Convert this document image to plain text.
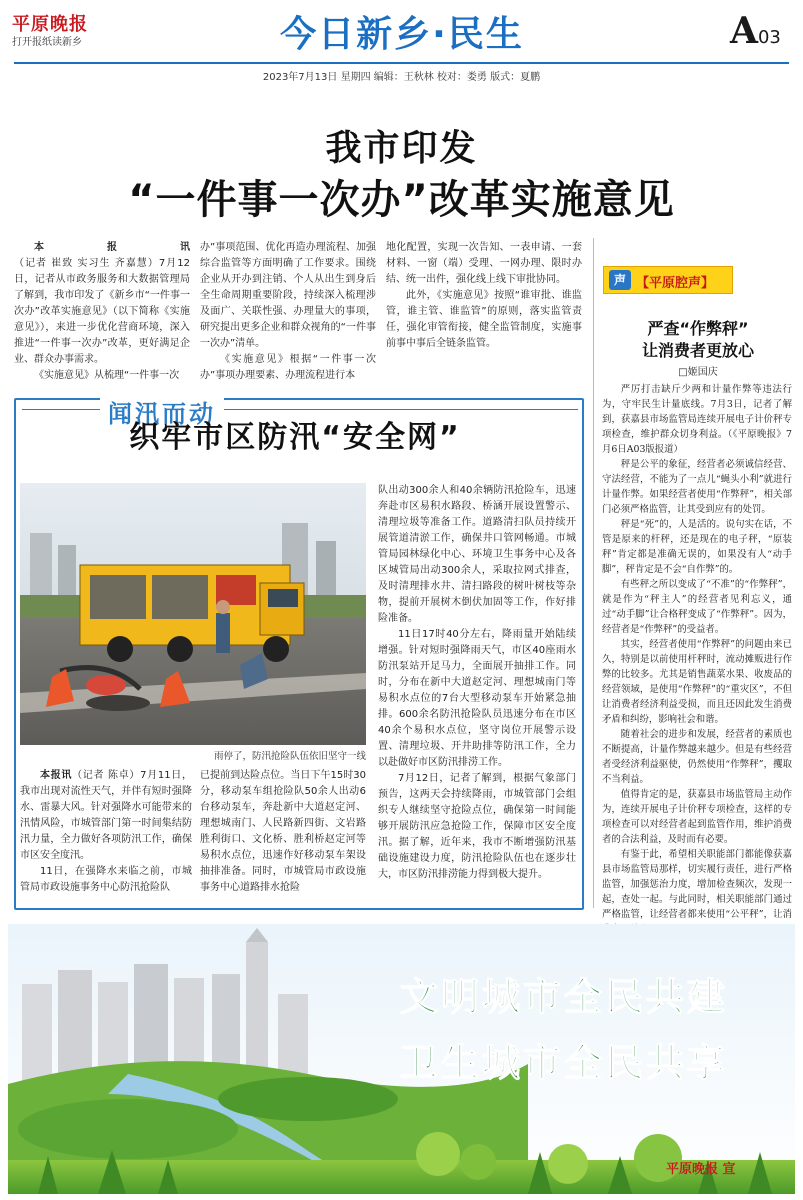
平原晚报
打开报纸读新乡	今日新乡·民生	A03
2023年7月13日 星期四 编辑：王秋林 校对：娄勇 版式：夏鹏
我市印发
“一件事一次办”改革实施意见

本报讯（记者 崔致 实习生 齐嘉慧）7月12日，记者从市政务服务和大数据管理局了解到，我市印发了《新乡市“一件事一次办”改革实施意见》（以下简称《实施意见》），来进一步优化营商环境，深入推进“一件事一次办”改革，更好满足企业、群众办事需求。

《实施意见》从梳理“一件事一次

办”事项范围、优化再造办理流程、加强综合监管等方面明确了工作要求。围绕企业从开办到注销、个人从出生到身后全生命周期重要阶段，持续深入梳理涉及面广、关联性强、办理量大的事项，研究提出更多企业和群众视角的“一件事一次办”清单。

《实施意见》根据“一件事一次办”事项办理要素、办理流程进行本

地化配置，实现一次告知、一表申请、一套材料、一窗（端）受理、一网办理、限时办结、统一出件，强化线上线下审批协同。

此外，《实施意见》按照“谁审批、谁监管，谁主管、谁监管”的原则，落实监管责任，强化审管衔接，健全监管制度，实施事前事中事后全链条监管。

声 【平原腔声】
严查“作弊秤”
让消费者更放心
□姬国庆

严厉打击缺斤少两和计量作弊等违法行为，守牢民生计量底线。7月3日，记者了解到，获嘉县市场监管局连续开展电子计价秤专项检查，维护群众切身利益。（《平原晚报》7月6日A03版报道）

秤是公平的象征，经营者必须诚信经营、守法经营，不能为了一点儿“蝇头小利”就进行计量作弊。如果经营者使用“作弊秤”，相关部门必须严格监管，让其受到应有的处罚。

秤是“死”的，人是活的。说句实在话，不管是原来的杆秤，还是现在的电子秤，“原装秤”肯定都是准确无误的，如果没有人“动手脚”，秤肯定是不会“自作弊”的。

有些秤之所以变成了“不准”的“作弊秤”，就是作为“秤主人”的经营者见利忘义，通过“动手脚”让合格秤变成了“作弊秤”。因为，经营者是“作弊秤”的受益者。

其实，经营者使用“作弊秤”的问题由来已久，特别是以前使用杆秤时，流动摊贩进行作弊的比较多。尤其是销售蔬菜水果、收废品的经营领域，是使用“作弊秤”的“重灾区”，不但让消费者经济利益受损，而且还因此发生消费矛盾和纠纷，影响社会和谐。

随着社会的进步和发展，经营者的素质也不断提高，计量作弊越来越少。但是有些经营者受经济利益驱使，仍然使用“作弊秤”，攫取不当利益。

值得肯定的是，获嘉县市场监管局主动作为，连续开展电子计价秤专项检查，这样的专项检查可以对经营者起到监管作用，维护消费者的合法利益，及时而有必要。

有鉴于此，希望相关职能部门都能像获嘉县市场监管局那样，切实履行责任，进行严格监管，加强惩治力度，增加检查频次，发现一起，查处一起。与此同时，相关职能部门通过严格监管，让经营者都来使用“公平秤”，让消

闻汛而动
织牢市区防汛“安全网”
雨停了，防汛抢险队伍依旧坚守一线

本报讯（记者 陈卓）7月11日，我市出现对流性天气，并伴有短时强降水、雷暴大风。针对强降水可能带来的汛情风险，市城管部门第一时间集结防汛力量，全力做好各项防汛工作，确保市区安全度汛。

11日，在强降水来临之前，市城管局市政设施事务中心防汛抢险队

已提前到达险点位。当日下午15时30分，移动泵车组抢险队50余人出动6台移动泵车，奔赴新中大道赵定河、理想城南门、人民路新四街、文岩路胜利街口、文化桥、胜利桥赵定河等易积水点位，迅速作好移动泵车架设抽排准备。同时，市城管局市政设施事务中心道路排水抢险

队出动300余人和40余辆防汛抢险车，迅速奔赴市区易积水路段、桥涵开展设置警示、清理垃圾等准备工作。道路清扫队员持续开展管道清淤工作，确保井口管网畅通。市城管局园林绿化中心、环境卫生事务中心及各区城管局出动300余人，采取拉网式排查，及时清理排水井、清扫路段的树叶树枝等杂物，提前开展树木倒伏加固等工作，作好排险准备。

11日17时40分左右，降雨量开始陆续增强。针对短时强降雨天气，市区40座雨水防汛泵站开足马力，全面展开抽排工作。同时，分布在新中大道赵定河、理想城南门等易积水点位的7台大型移动泵车开始紧急抽排。600余名防汛抢险队员迅速分布在市区40余个易积水点位，坚守岗位开展警示设置、清理垃圾、开井助排等防汛工作，全力以赴做好市区防汛排涝工作。

7月12日，记者了解到，根据气象部门预告，这两天会持续降雨，市城管部门会组织专人继续坚守抢险点位，确保第一时间能够开展防汛应急抢险工作，保障市区安全度汛。据了解，近年来，我市不断增强防汛基础设施建设力度，防汛抢险队伍也在逐步壮大，市区防汛排涝能力得到极大提升。

文明城市全民共建
卫生城市全民共享
平原晚报 宣
